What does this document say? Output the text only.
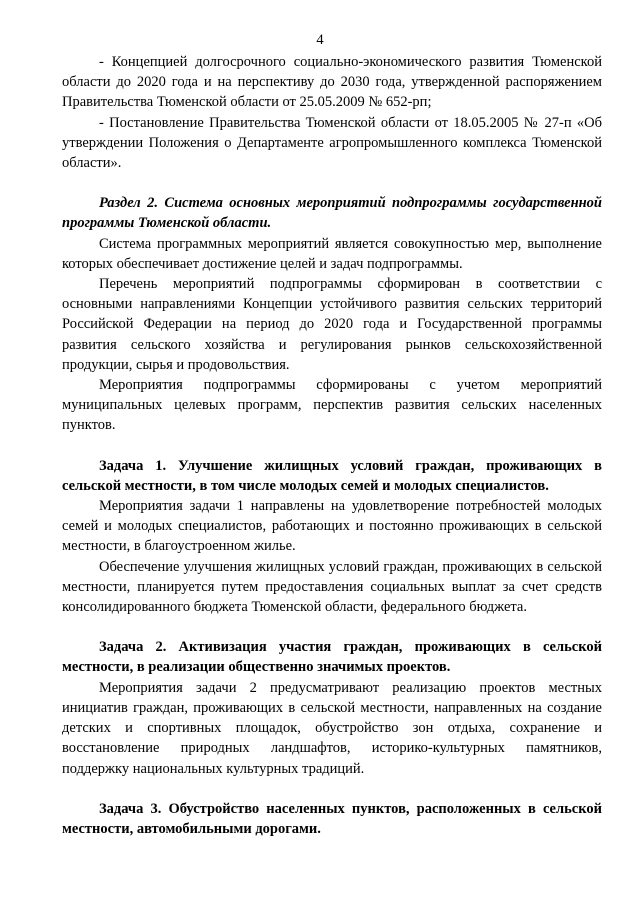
4

- Концепцией долгосрочного социально-экономического развития Тюменской области до 2020 года и на перспективу до 2030 года, утвержденной распоряжением Правительства Тюменской области от 25.05.2009 № 652-рп;

- Постановление Правительства Тюменской области от 18.05.2005 № 27-п «Об утверждении Положения о Департаменте агропромышленного комплекса Тюменской области».

Раздел 2. Система основных мероприятий подпрограммы государственной программы Тюменской области.

Система программных мероприятий является совокупностью мер, выполнение которых обеспечивает достижение целей и задач подпрограммы.

Перечень мероприятий подпрограммы сформирован в соответствии с основными направлениями Концепции устойчивого развития сельских территорий Российской Федерации на период до 2020 года и Государственной программы развития сельского хозяйства и регулирования рынков сельскохозяйственной продукции, сырья и продовольствия.

Мероприятия подпрограммы сформированы с учетом мероприятий муниципальных целевых программ, перспектив развития сельских населенных пунктов.

Задача 1. Улучшение жилищных условий граждан, проживающих в сельской местности, в том числе молодых семей и молодых специалистов.

Мероприятия задачи 1 направлены на удовлетворение потребностей молодых семей и молодых специалистов, работающих и постоянно проживающих в сельской местности, в благоустроенном жилье.

Обеспечение улучшения жилищных условий граждан, проживающих в сельской местности, планируется путем предоставления социальных выплат за счет средств консолидированного бюджета Тюменской области, федерального бюджета.

Задача 2. Активизация участия граждан, проживающих в сельской местности, в реализации общественно значимых проектов.

Мероприятия задачи 2 предусматривают реализацию проектов местных инициатив граждан, проживающих в сельской местности, направленных на создание детских и спортивных площадок, обустройство зон отдыха, сохранение и восстановление природных ландшафтов, историко-культурных памятников, поддержку национальных культурных традиций.

Задача 3. Обустройство населенных пунктов, расположенных в сельской местности, автомобильными дорогами.
